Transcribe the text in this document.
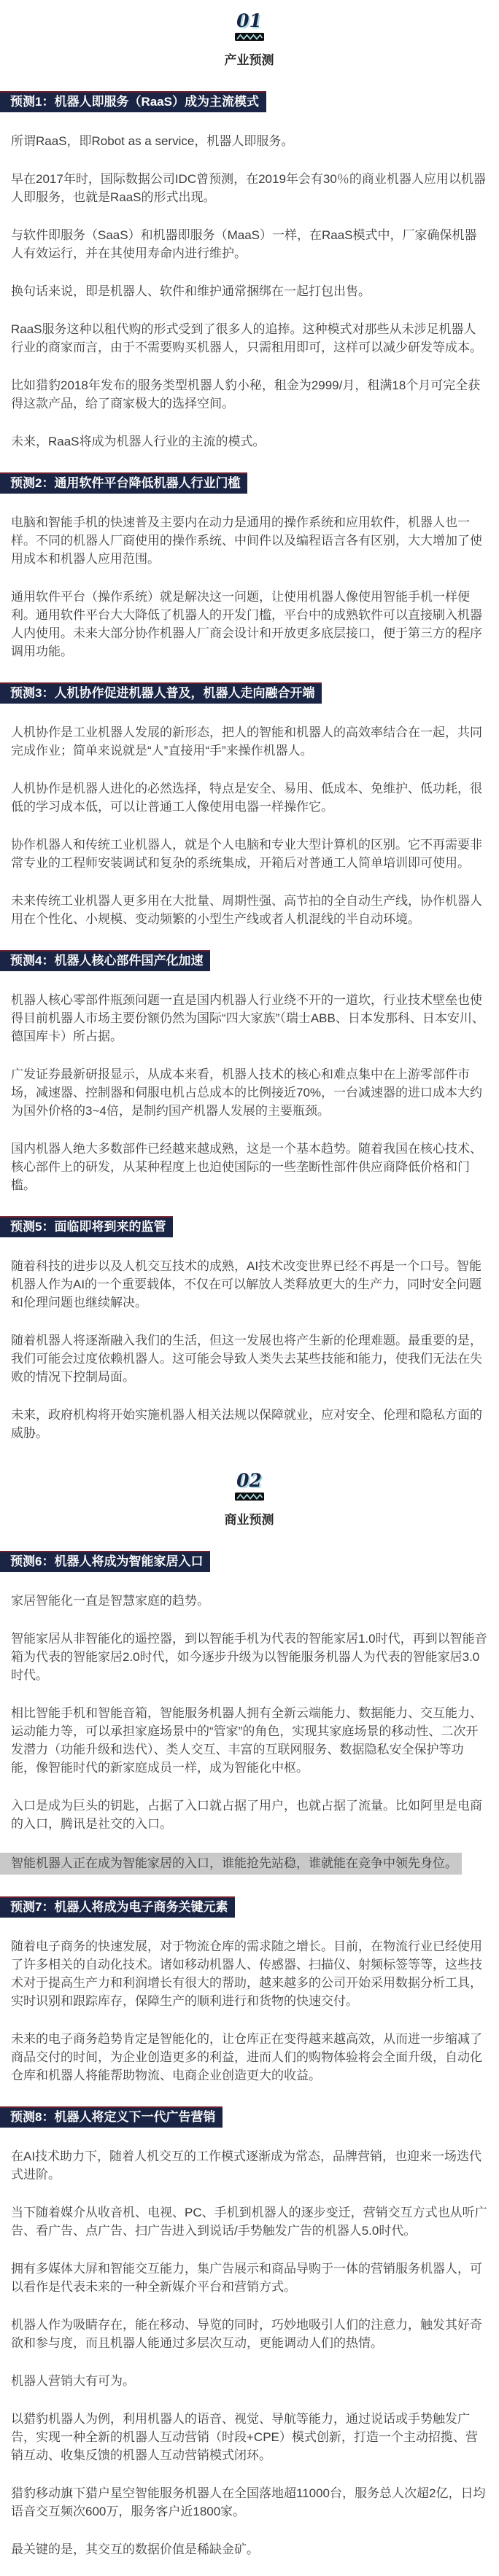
01
产业预测
预测1：机器人即服务（RaaS）成为主流模式

所谓RaaS，即Robot as a service，机器人即服务。

早在2017年时，国际数据公司IDC曾预测，在2019年会有30％的商业机器人应用以机器人即服务，也就是RaaS的形式出现。

与软件即服务（SaaS）和机器即服务（MaaS）一样，在RaaS模式中，厂家确保机器人有效运行，并在其使用寿命内进行维护。

换句话来说，即是机器人、软件和维护通常捆绑在一起打包出售。

RaaS服务这种以租代购的形式受到了很多人的追捧。这种模式对那些从未涉足机器人行业的商家而言，由于不需要购买机器人，只需租用即可，这样可以减少研发等成本。

比如猎豹2018年发布的服务类型机器人豹小秘，租金为2999/月，租满18个月可完全获得这款产品，给了商家极大的选择空间。

未来，RaaS将成为机器人行业的主流的模式。

预测2：通用软件平台降低机器人行业门槛

电脑和智能手机的快速普及主要内在动力是通用的操作系统和应用软件，机器人也一样。不同的机器人厂商使用的操作系统、中间件以及编程语言各有区别，大大增加了使用成本和机器人应用范围。

通用软件平台（操作系统）就是解决这一问题，让使用机器人像使用智能手机一样便利。通用软件平台大大降低了机器人的开发门槛，平台中的成熟软件可以直接刷入机器人内使用。未来大部分协作机器人厂商会设计和开放更多底层接口，便于第三方的程序调用功能。

预测3：人机协作促进机器人普及，机器人走向融合开端

人机协作是工业机器人发展的新形态，把人的智能和机器人的高效率结合在一起，共同完成作业；简单来说就是“人”直接用“手”来操作机器人。

人机协作是机器人进化的必然选择，特点是安全、易用、低成本、免维护、低功耗，很低的学习成本低，可以让普通工人像使用电器一样操作它。

协作机器人和传统工业机器人，就是个人电脑和专业大型计算机的区别。它不再需要非常专业的工程师安装调试和复杂的系统集成，开箱后对普通工人简单培训即可使用。

未来传统工业机器人更多用在大批量、周期性强、高节拍的全自动生产线，协作机器人用在个性化、小规模、变动频繁的小型生产线或者人机混线的半自动环境。

预测4：机器人核心部件国产化加速

机器人核心零部件瓶颈问题一直是国内机器人行业绕不开的一道坎，行业技术壁垒也使得目前机器人市场主要份额仍然为国际“四大家族”（瑞士ABB、日本发那科、日本安川、德国库卡）所占据。

广发证券最新研报显示，从成本来看，机器人技术的核心和难点集中在上游零部件市场，减速器、控制器和伺服电机占总成本的比例接近70%，一台减速器的进口成本大约为国外价格的3~4倍，是制约国产机器人发展的主要瓶颈。

国内机器人绝大多数部件已经越来越成熟，这是一个基本趋势。随着我国在核心技术、核心部件上的研发，从某种程度上也迫使国际的一些垄断性部件供应商降低价格和门槛。

预测5：面临即将到来的监管

随着科技的进步以及人机交互技术的成熟，AI技术改变世界已经不再是一个口号。智能机器人作为AI的一个重要载体，不仅在可以解放人类释放更大的生产力，同时安全问题和伦理问题也继续解决。

随着机器人将逐渐融入我们的生活，但这一发展也将产生新的伦理难题。最重要的是，我们可能会过度依赖机器人。这可能会导致人类失去某些技能和能力，使我们无法在失败的情况下控制局面。

未来，政府机构将开始实施机器人相关法规以保障就业，应对安全、伦理和隐私方面的威胁。

02
商业预测
预测6：机器人将成为智能家居入口

家居智能化一直是智慧家庭的趋势。

智能家居从非智能化的遥控器，到以智能手机为代表的智能家居1.0时代，再到以智能音箱为代表的智能家居2.0时代，如今逐步升级为以智能服务机器人为代表的智能家居3.0时代。

相比智能手机和智能音箱，智能服务机器人拥有全新云端能力、数据能力、交互能力、运动能力等，可以承担家庭场景中的“管家”的角色，实现其家庭场景的移动性、二次开发潜力（功能升级和迭代）、类人交互、丰富的互联网服务、数据隐私安全保护等功能，像智能时代的新家庭成员一样，成为智能化中枢。

入口是成为巨头的钥匙，占据了入口就占据了用户，也就占据了流量。比如阿里是电商的入口，腾讯是社交的入口。

智能机器人正在成为智能家居的入口，谁能抢先站稳，谁就能在竞争中领先身位。

预测7：机器人将成为电子商务关键元素

随着电子商务的快速发展，对于物流仓库的需求随之增长。目前，在物流行业已经使用了许多相关的自动化技术。诸如移动机器人、传感器、扫描仪、射频标签等等，这些技术对于提高生产力和利润增长有很大的帮助，越来越多的公司开始采用数据分析工具，实时识别和跟踪库存，保障生产的顺利进行和货物的快速交付。

未来的电子商务趋势肯定是智能化的，让仓库正在变得越来越高效，从而进一步缩减了商品交付的时间，为企业创造更多的利益，进而人们的购物体验将会全面升级，自动化仓库和机器人将能帮助物流、电商企业创造更大的收益。

预测8：机器人将定义下一代广告营销

在AI技术助力下，随着人机交互的工作模式逐渐成为常态，品牌营销，也迎来一场迭代式进阶。

当下随着媒介从收音机、电视、PC、手机到机器人的逐步变迁，营销交互方式也从听广告、看广告、点广告、扫广告进入到说话/手势触发广告的机器人5.0时代。

拥有多媒体大屏和智能交互能力，集广告展示和商品导购于一体的营销服务机器人，可以看作是代表未来的一种全新媒介平台和营销方式。

机器人作为吸睛存在，能在移动、导览的同时，巧妙地吸引人们的注意力，触发其好奇欲和参与度，而且机器人能通过多层次互动，更能调动人们的热情。

机器人营销大有可为。

以猎豹机器人为例，利用机器人的语音、视觉、导航等能力，通过说话或手势触发广告，实现一种全新的机器人互动营销（时段+CPE）模式创新，打造一个主动招揽、营销互动、收集反馈的机器人互动营销模式闭环。

猎豹移动旗下猎户星空智能服务机器人在全国落地超11000台，服务总人次超2亿，日均语音交互频次600万，服务客户近1800家。

最关键的是，其交互的数据价值是稀缺金矿。
